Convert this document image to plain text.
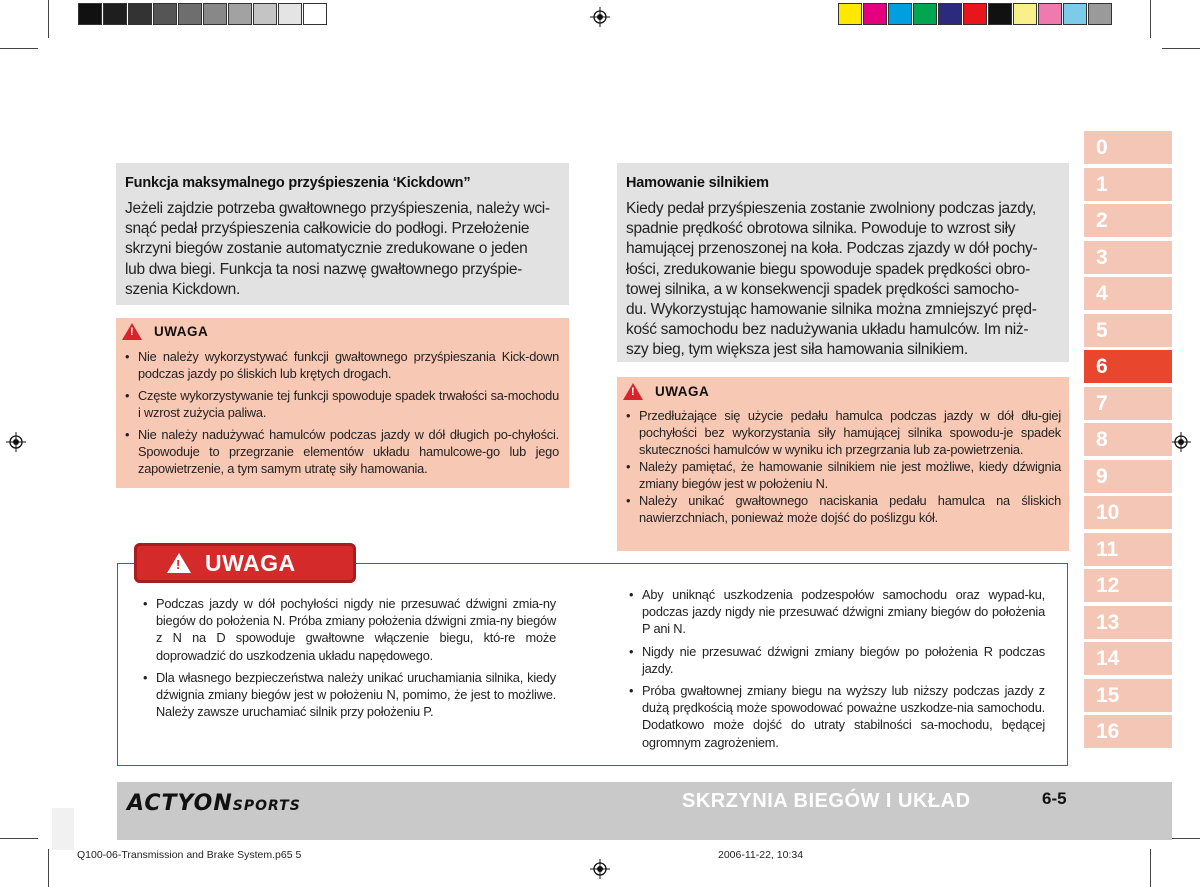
Funkcja maksymalnego przyśpieszenia ‘Kickdown”
Jeżeli zajdzie potrzeba gwałtownego przyśpieszenia, należy wci-
snąć pedał przyśpieszenia całkowicie do podłogi. Przełożenie
skrzyni biegów zostanie automatycznie zredukowane o jeden
lub dwa biegi. Funkcja ta nosi nazwę gwałtownego przyśpie-
szenia Kickdown.
! UWAGA
• Nie należy wykorzystywać funkcji gwałtownego przyśpieszania Kick-down podczas jazdy po śliskich lub krętych drogach.
• Częste wykorzystywanie tej funkcji spowoduje spadek trwałości sa-mochodu i wzrost zużycia paliwa.
• Nie należy nadużywać hamulców podczas jazdy w dół długich po-chyłości. Spowoduje to przegrzanie elementów układu hamulcowe-go lub jego zapowietrzenie, a tym samym utratę siły hamowania.
Hamowanie silnikiem
Kiedy pedał przyśpieszenia zostanie zwolniony podczas jazdy,
spadnie prędkość obrotowa silnika. Powoduje to wzrost siły
hamującej przenoszonej na koła. Podczas zjazdy w dół pochy-
łości, zredukowanie biegu spowoduje spadek prędkości obro-
towej silnika, a w konsekwencji spadek prędkości samocho-
du. Wykorzystując hamowanie silnika można zmniejszyć pręd-
kość samochodu bez nadużywania układu hamulców. Im niż-
szy bieg, tym większa jest siła hamowania silnikiem.
! UWAGA
• Przedłużające się użycie pedału hamulca podczas jazdy w dół dłu-giej pochyłości bez wykorzystania siły hamującej silnika spowodu-je spadek skuteczności hamulców w wyniku ich przegrzania lub za-powietrzenia.
• Należy pamiętać, że hamowanie silnikiem nie jest możliwe, kiedy dźwignia zmiany biegów jest w położeniu N.
• Należy unikać gwałtownego naciskania pedału hamulca na śliskich nawierzchniach, ponieważ może dojść do poślizgu kół.
! UWAGA
• Podczas jazdy w dół pochyłości nigdy nie przesuwać dźwigni zmia-ny biegów do położenia N. Próba zmiany położenia dźwigni zmia-ny biegów z N na D spowoduje gwałtowne włączenie biegu, któ-re może doprowadzić do uszkodzenia układu napędowego.
• Dla własnego bezpieczeństwa należy unikać uruchamiania silnika, kiedy dźwignia zmiany biegów jest w położeniu N, pomimo, że jest to możliwe. Należy zawsze uruchamiać silnik przy położeniu P.
• Aby uniknąć uszkodzenia podzespołów samochodu oraz wypad-ku, podczas jazdy nigdy nie przesuwać dźwigni zmiany biegów do położenia P ani N.
• Nigdy nie przesuwać dźwigni zmiany biegów po położenia R podczas jazdy.
• Próba gwałtownej zmiany biegu na wyższy lub niższy podczas jazdy z dużą prędkością może spowodować poważne uszkodze-nia samochodu. Dodatkowo może dojść do utraty stabilności sa-mochodu, będącej ogromnym zagrożeniem.
0
1
2
3
4
5
6
7
8
9
10
11
12
13
14
15
16
ACTYONSPORTS	SKRZYNIA BIEGÓW I UKŁAD	6-5
Q100-06-Transmission and Brake System.p65 5	2006-11-22, 10:34
